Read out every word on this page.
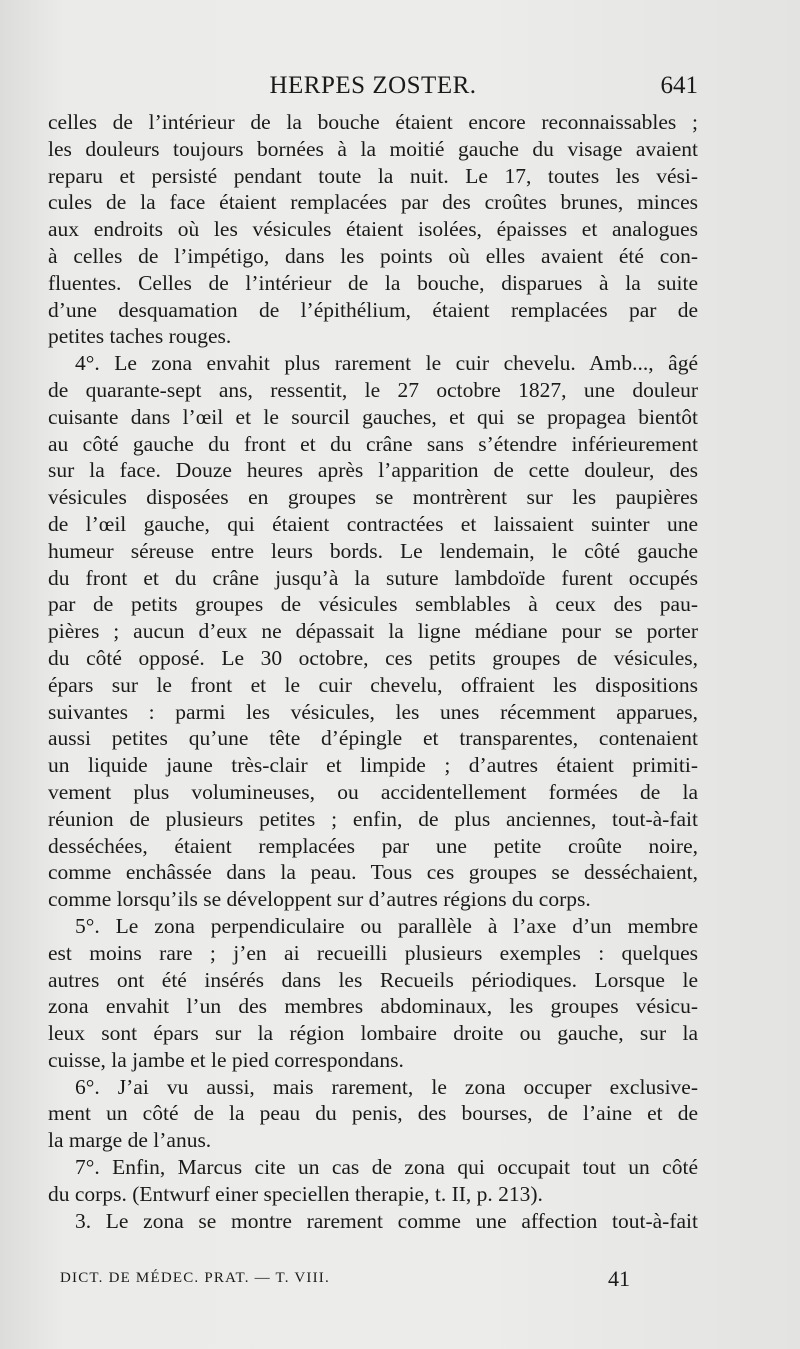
HERPES ZOSTER.	641
celles de l’intérieur de la bouche étaient encore reconnaissables ;
les douleurs toujours bornées à la moitié gauche du visage avaient
reparu et persisté pendant toute la nuit. Le 17, toutes les vési-
cules de la face étaient remplacées par des croûtes brunes, minces
aux endroits où les vésicules étaient isolées, épaisses et analogues
à celles de l’impétigo, dans les points où elles avaient été con-
fluentes. Celles de l’intérieur de la bouche, disparues à la suite
d’une desquamation de l’épithélium, étaient remplacées par de
petites taches rouges.
4°. Le zona envahit plus rarement le cuir chevelu. Amb..., âgé
de quarante-sept ans, ressentit, le 27 octobre 1827, une douleur
cuisante dans l’œil et le sourcil gauches, et qui se propagea bientôt
au côté gauche du front et du crâne sans s’étendre inférieurement
sur la face. Douze heures après l’apparition de cette douleur, des
vésicules disposées en groupes se montrèrent sur les paupières
de l’œil gauche, qui étaient contractées et laissaient suinter une
humeur séreuse entre leurs bords. Le lendemain, le côté gauche
du front et du crâne jusqu’à la suture lambdoïde furent occupés
par de petits groupes de vésicules semblables à ceux des pau-
pières ; aucun d’eux ne dépassait la ligne médiane pour se porter
du côté opposé. Le 30 octobre, ces petits groupes de vésicules,
épars sur le front et le cuir chevelu, offraient les dispositions
suivantes : parmi les vésicules, les unes récemment apparues,
aussi petites qu’une tête d’épingle et transparentes, contenaient
un liquide jaune très-clair et limpide ; d’autres étaient primiti-
vement plus volumineuses, ou accidentellement formées de la
réunion de plusieurs petites ; enfin, de plus anciennes, tout-à-fait
desséchées, étaient remplacées par une petite croûte noire,
comme enchâssée dans la peau. Tous ces groupes se desséchaient,
comme lorsqu’ils se développent sur d’autres régions du corps.
5°. Le zona perpendiculaire ou parallèle à l’axe d’un membre
est moins rare ; j’en ai recueilli plusieurs exemples : quelques
autres ont été insérés dans les Recueils périodiques. Lorsque le
zona envahit l’un des membres abdominaux, les groupes vésicu-
leux sont épars sur la région lombaire droite ou gauche, sur la
cuisse, la jambe et le pied correspondans.
6°. J’ai vu aussi, mais rarement, le zona occuper exclusive-
ment un côté de la peau du penis, des bourses, de l’aine et de
la marge de l’anus.
7°. Enfin, Marcus cite un cas de zona qui occupait tout un côté
du corps. (Entwurf einer speciellen therapie, t. II, p. 213).
3. Le zona se montre rarement comme une affection tout-à-fait
DICT. DE MÉDEC. PRAT. — T. VIII.	41
